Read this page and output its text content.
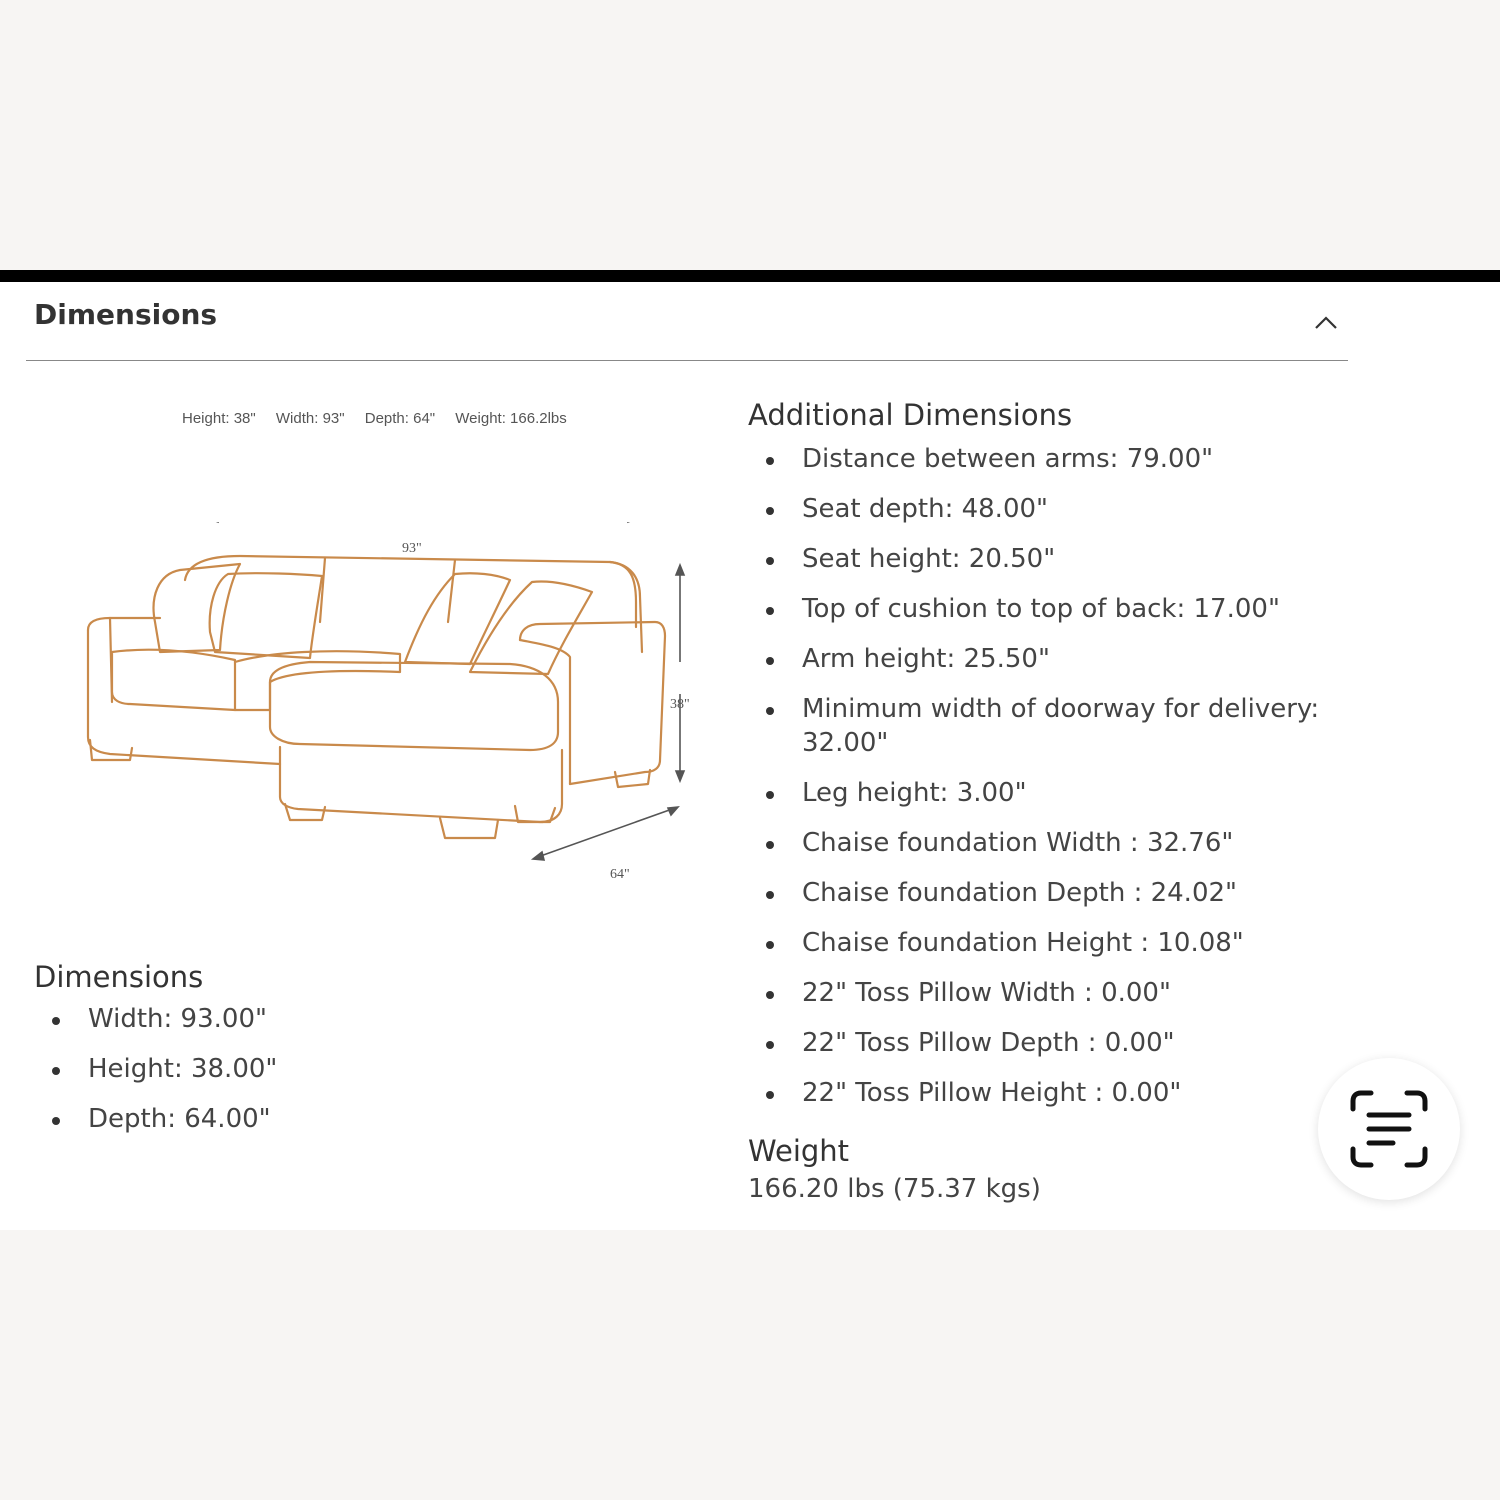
Dimensions
Height: 38" Width: 93" Depth: 64" Weight: 166.2lbs
93"
38"
64"
Dimensions
Width: 93.00"
Height: 38.00"
Depth: 64.00"
Additional Dimensions
Distance between arms: 79.00"
Seat depth: 48.00"
Seat height: 20.50"
Top of cushion to top of back: 17.00"
Arm height: 25.50"
Minimum width of doorway for delivery: 32.00"
Leg height: 3.00"
Chaise foundation Width : 32.76"
Chaise foundation Depth : 24.02"
Chaise foundation Height : 10.08"
22" Toss Pillow Width : 0.00"
22" Toss Pillow Depth : 0.00"
22" Toss Pillow Height : 0.00"
Weight
166.20 lbs (75.37 kgs)
